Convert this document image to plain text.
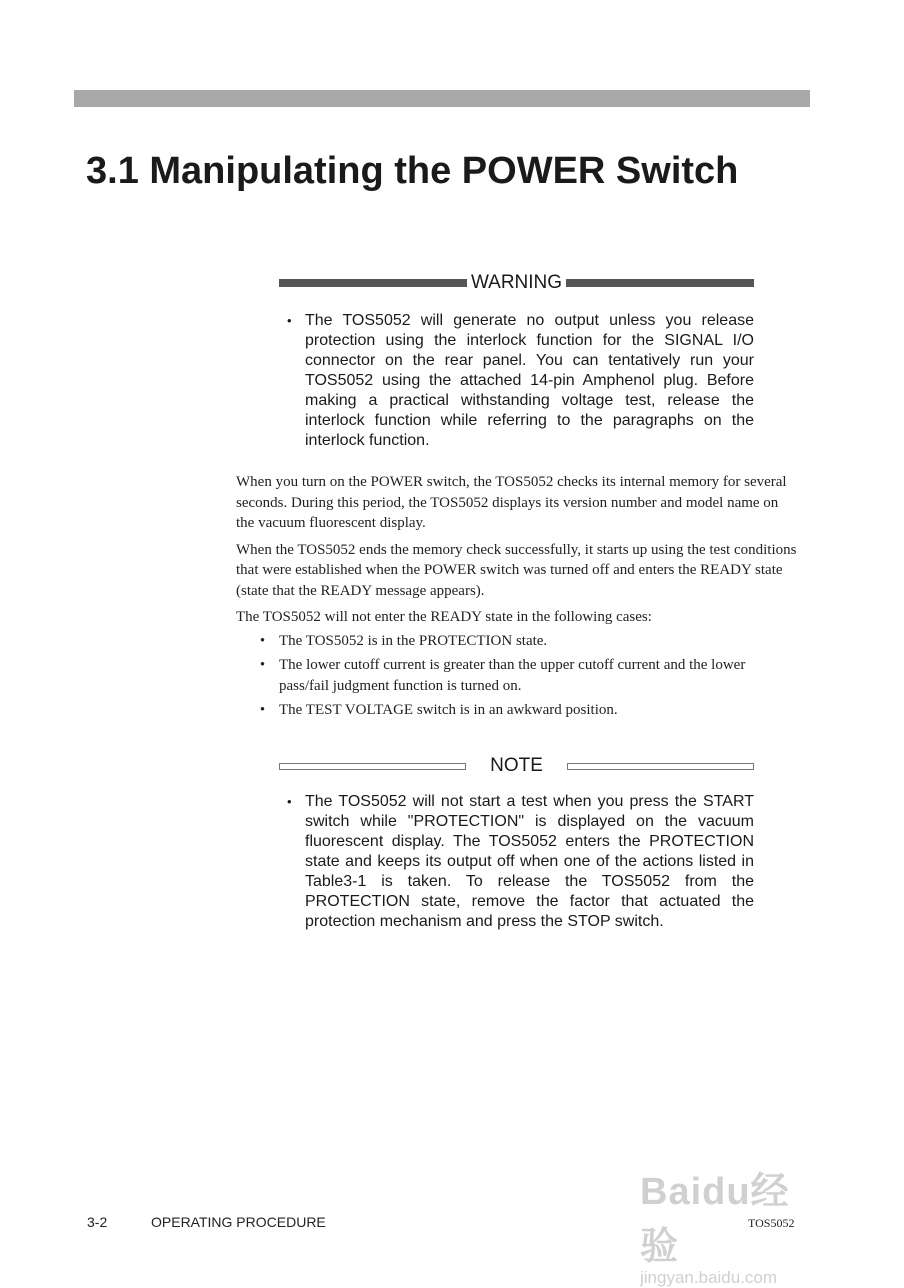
3.1 Manipulating the POWER Switch
WARNING
• The TOS5052 will generate no output unless you release protection using the interlock function for the SIGNAL I/O connector on the rear panel. You can tentatively run your TOS5052 using the attached 14-pin Amphenol plug. Before making a practical withstanding voltage test, release the interlock function while referring to the paragraphs on the interlock function.

When you turn on the POWER switch, the TOS5052 checks its internal memory for several seconds. During this period, the TOS5052 displays its version number and model name on the vacuum fluorescent display.

When the TOS5052 ends the memory check successfully, it starts up using the test conditions that were established when the POWER switch was turned off and enters the READY state (state that the READY message appears).

The TOS5052 will not enter the READY state in the following cases:

• The TOS5052 is in the PROTECTION state.
• The lower cutoff current is greater than the upper cutoff current and the lower pass/fail judgment function is turned on.
• The TEST VOLTAGE switch is in an awkward position.
NOTE
• The TOS5052 will not start a test when you press the START switch while "PROTECTION" is displayed on the vacuum fluorescent display. The TOS5052 enters the PROTECTION state and keeps its output off when one of the actions listed in Table3-1 is taken. To release the TOS5052 from the PROTECTION state, remove the factor that actuated the protection mechanism and press the STOP switch.
3-2	OPERATING PROCEDURE
Baidu经验
jingyan.baidu.com
TOS5052
